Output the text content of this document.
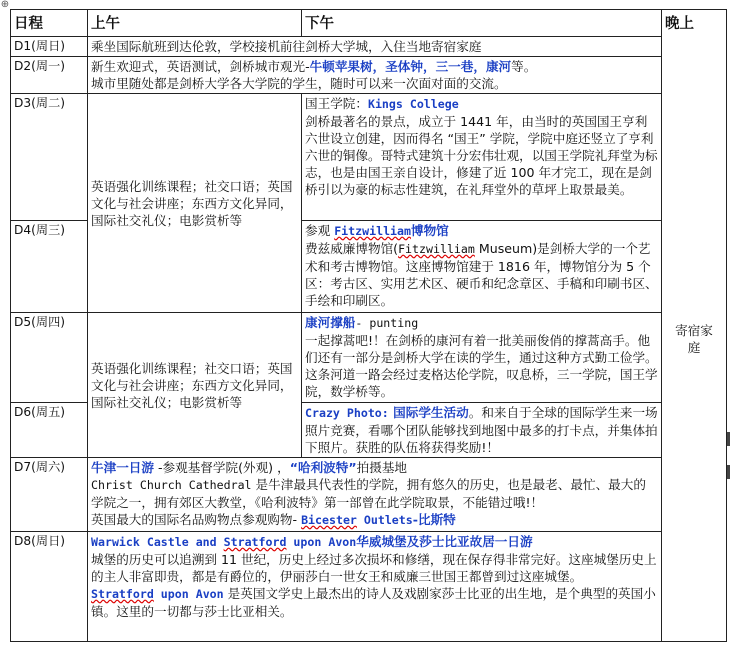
⊕
日程	上午	下午	晚上
D1(周日)	乘坐国际航班到达伦敦，学校接机前往剑桥大学城，入住当地寄宿家庭		寄宿家庭
D2(周一)	新生欢迎式，英语测试，剑桥城市观光-牛顿苹果树，圣体钟，三一巷，康河等。
城市里随处都是剑桥大学各大学院的学生，随时可以来一次面对面的交流。		
D3(周二)	英语强化训练课程；社交口语；英国文化与社会讲座；东西方文化异同，国际社交礼仪；电影赏析等	国王学院：Kings College
剑桥最著名的景点，成立于 1441 年，由当时的英国国王亨利六世设立创建，因而得名 “国王” 学院，学院中庭还竖立了亨利六世的铜像。哥特式建筑十分宏伟壮观，以国王学院礼拜堂为标志，也是由国王亲自设计，修建了近 100 年才完工，现在是剑桥引以为豪的标志性建筑，在礼拜堂外的草坪上取景最美。	
D4(周三)		参观 Fitzwilliam博物馆
费兹威廉博物馆(Fitzwilliam Museum)是剑桥大学的一个艺术和考古博物馆。这座博物馆建于 1816 年，博物馆分为 5 个区：考古区、实用艺术区、硬币和纪念章区、手稿和印刷书区、手绘和印刷区。	
D5(周四)	英语强化训练课程；社交口语；英国文化与社会讲座；东西方文化异同，国际社交礼仪；电影赏析等	康河撑船- punting
一起撑蒿吧!！在剑桥的康河有着一批美丽俊俏的撑蒿高手。他们还有一部分是剑桥大学在读的学生，通过这种方式勤工俭学。这条河道一路会经过麦格达伦学院，叹息桥，三一学院，国王学院，数学桥等。	
D6(周五)		Crazy Photo: 国际学生活动。和来自于全球的国际学生来一场照片竞赛，看哪个团队能够找到地图中最多的打卡点，并集体拍下照片。获胜的队伍将获得奖励!！	
D7(周六)	牛津一日游 -参观基督学院(外观) ，“哈利波特”拍摄基地
Christ Church Cathedral 是牛津最具代表性的学院，拥有悠久的历史，也是最老、最忙、最大的学院之一，拥有郊区大教堂，《哈利波特》第一部曾在此学院取景，不能错过哦!！
英国最大的国际名品购物点参观购物- Bicester Outlets-比斯特		
D8(周日)	Warwick Castle and Stratford upon Avon华威城堡及莎士比亚故居一日游
城堡的历史可以追溯到 11 世纪，历史上经过多次损坏和修缮，现在保存得非常完好。这座城堡历史上的主人非富即贵，都是有爵位的，伊丽莎白一世女王和威廉三世国王都曾到过这座城堡。
Stratford upon Avon 是英国文学史上最杰出的诗人及戏剧家莎士比亚的出生地，是个典型的英国小镇。这里的一切都与莎士比亚相关。		
